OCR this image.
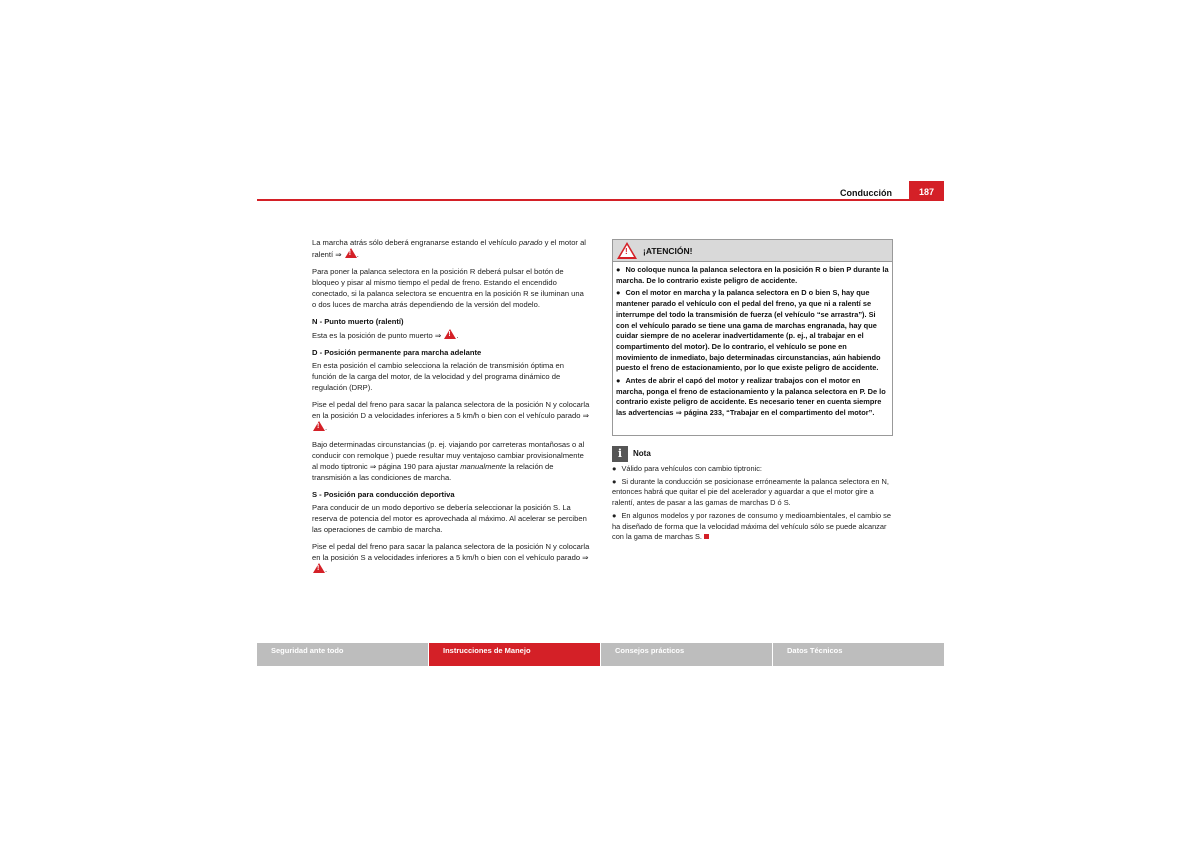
Conducción	187

La marcha atrás sólo deberá engranarse estando el vehículo parado y el motor al ralentí ⇒ !.

Para poner la palanca selectora en la posición R deberá pulsar el botón de bloqueo y pisar al mismo tiempo el pedal de freno. Estando el encendido conectado, si la palanca selectora se encuentra en la posición R se iluminan una o dos luces de marcha atrás dependiendo de la versión del modelo.

N - Punto muerto (ralentí)

Esta es la posición de punto muerto ⇒ !.

D - Posición permanente para marcha adelante

En esta posición el cambio selecciona la relación de transmisión óptima en función de la carga del motor, de la velocidad y del programa dinámico de regulación (DRP).

Pise el pedal del freno para sacar la palanca selectora de la posición N y colocarla en la posición D a velocidades inferiores a 5 km/h o bien con el vehículo parado ⇒ !.

Bajo determinadas circunstancias (p. ej. viajando por carreteras montañosas o al conducir con remolque ) puede resultar muy ventajoso cambiar provisionalmente al modo tiptronic ⇒ página 190 para ajustar manualmente la relación de transmisión a las condiciones de marcha.

S - Posición para conducción deportiva

Para conducir de un modo deportivo se debería seleccionar la posición S. La reserva de potencia del motor es aprovechada al máximo. Al acelerar se perciben las operaciones de cambio de marcha.

Pise el pedal del freno para sacar la palanca selectora de la posición N y colocarla en la posición S a velocidades inferiores a 5 km/h o bien con el vehículo parado ⇒ !.

!
¡ATENCIÓN!

● No coloque nunca la palanca selectora en la posición R o bien P durante la marcha. De lo contrario existe peligro de accidente.

● Con el motor en marcha y la palanca selectora en D o bien S, hay que mantener parado el vehículo con el pedal del freno, ya que ni a ralentí se interrumpe del todo la transmisión de fuerza (el vehículo “se arrastra”). Si con el vehículo parado se tiene una gama de marchas engranada, hay que cuidar siempre de no acelerar inadvertidamente (p. ej., al trabajar en el compartimento del motor). De lo contrario, el vehículo se pone en movimiento de inmediato, bajo determinadas circunstancias, aún habiendo puesto el freno de estacionamiento, por lo que existe peligro de accidente.

● Antes de abrir el capó del motor y realizar trabajos con el motor en marcha, ponga el freno de estacionamiento y la palanca selectora en P. De lo contrario existe peligro de accidente. Es necesario tener en cuenta siempre las advertencias ⇒ página 233, “Trabajar en el compartimento del motor”.

i	Nota

● Válido para vehículos con cambio tiptronic:

● Si durante la conducción se posicionase erróneamente la palanca selectora en N, entonces habrá que quitar el pie del acelerador y aguardar a que el motor gire a ralentí, antes de pasar a las gamas de marchas D ó S.

● En algunos modelos y por razones de consumo y medioambientales, el cambio se ha diseñado de forma que la velocidad máxima del vehículo sólo se puede alcanzar con la gama de marchas S.

Seguridad ante todo	Instrucciones de Manejo	Consejos prácticos	Datos Técnicos
